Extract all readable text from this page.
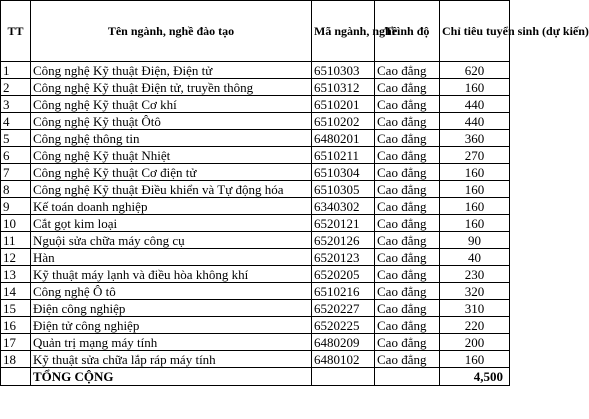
TT	Tên ngành, nghề đào tạo	Mã ngành, nghề	Trình độ	Chỉ tiêu tuyển sinh (dự kiến)
1	Công nghệ Kỹ thuật Điện, Điện tử	6510303	Cao đẳng	620
2	Công nghệ Kỹ thuật Điện tử, truyền thông	6510312	Cao đẳng	160
3	Công nghệ Kỹ thuật Cơ khí	6510201	Cao đẳng	440
4	Công nghệ Kỹ thuật Ôtô	6510202	Cao đẳng	440
5	Công nghệ thông tin	6480201	Cao đẳng	360
6	Công nghệ Kỹ thuật Nhiệt	6510211	Cao đẳng	270
7	Công nghệ Kỹ thuật Cơ điện tử	6510304	Cao đẳng	160
8	Công nghệ Kỹ thuật Điều khiển và Tự động hóa	6510305	Cao đẳng	160
9	Kế toán doanh nghiệp	6340302	Cao đẳng	160
10	Cắt gọt kim loại	6520121	Cao đẳng	160
11	Nguội sửa chữa máy công cụ	6520126	Cao đẳng	90
12	Hàn	6520123	Cao đẳng	40
13	Kỹ thuật máy lạnh và điều hòa không khí	6520205	Cao đẳng	230
14	Công nghệ Ô tô	6510216	Cao đẳng	320
15	Điện công nghiệp	6520227	Cao đẳng	310
16	Điện tử công nghiệp	6520225	Cao đẳng	220
17	Quản trị mạng máy tính	6480209	Cao đẳng	200
18	Kỹ thuật sửa chữa lắp ráp máy tính	6480102	Cao đẳng	160
	TỔNG CỘNG			4,500
